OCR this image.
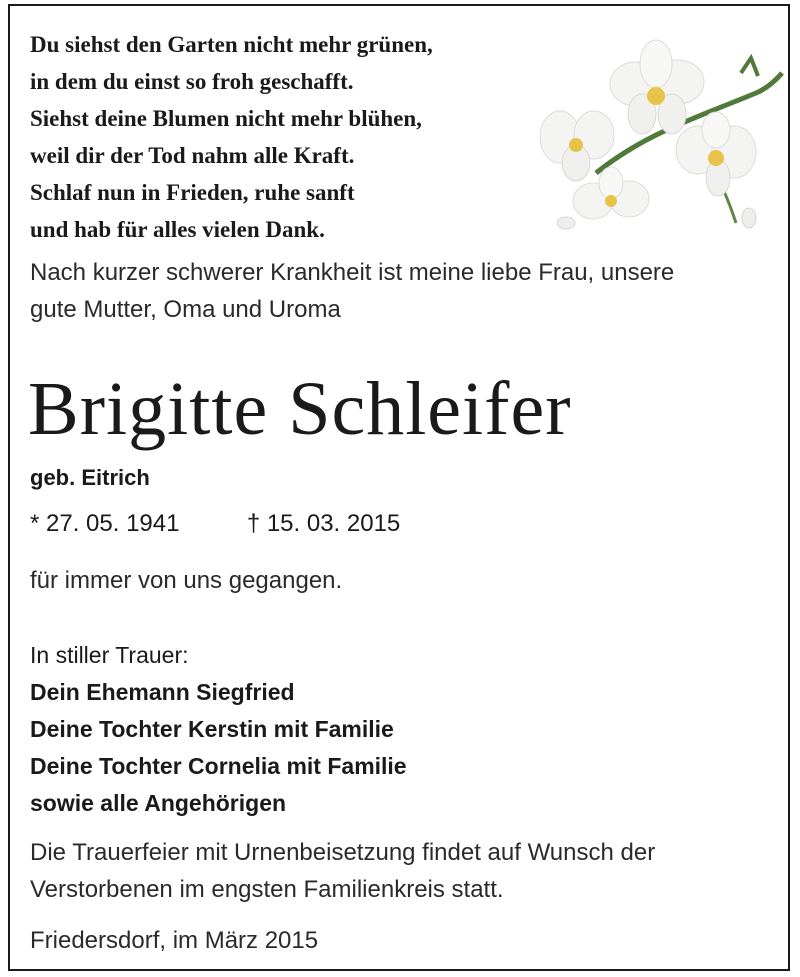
Du siehst den Garten nicht mehr grünen,
in dem du einst so froh geschafft.
Siehst deine Blumen nicht mehr blühen,
weil dir der Tod nahm alle Kraft.
Schlaf nun in Frieden, ruhe sanft
und hab für alles vielen Dank.

Nach kurzer schwerer Krankheit ist meine liebe Frau, unsere
gute Mutter, Oma und Uroma

Brigitte Schleifer
geb. Eitrich
* 27. 05. 1941	† 15. 03. 2015

für immer von uns gegangen.

In stiller Trauer:
Dein Ehemann Siegfried
Deine Tochter Kerstin mit Familie
Deine Tochter Cornelia mit Familie
sowie alle Angehörigen

Die Trauerfeier mit Urnenbeisetzung findet auf Wunsch der
Verstorbenen im engsten Familienkreis statt.

Friedersdorf, im März 2015
